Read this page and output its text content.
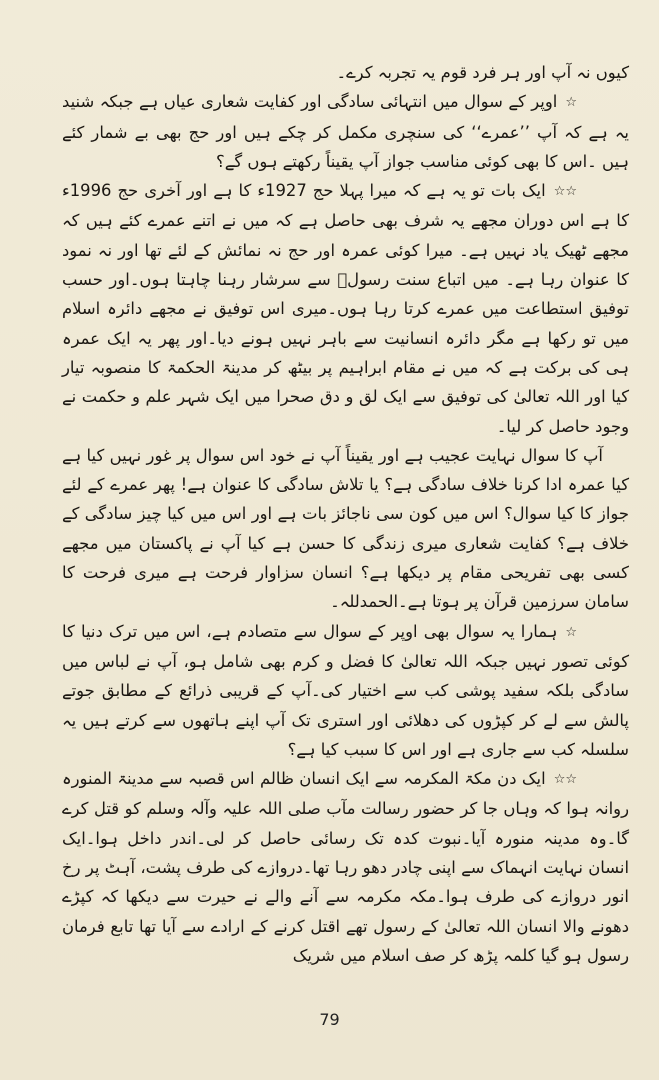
کیوں نہ آپ اور ہر فرد قوم یہ تجربہ کرے۔

☆اوپر کے سوال میں انتہائی سادگی اور کفایت شعاری عیاں ہے جبکہ شنید یہ ہے کہ آپ ’’عمرے‘‘ کی سنچری مکمل کر چکے ہیں اور حج بھی بے شمار کئے ہیں ۔اس کا بھی کوئی مناسب جواز آپ یقیناً رکھتے ہوں گے؟

☆☆ایک بات تو یہ ہے کہ میرا پہلا حج 1927ء کا ہے اور آخری حج 1996ء کا ہے اس دوران مجھے یہ شرف بھی حاصل ہے کہ میں نے اتنے عمرے کئے ہیں کہ مجھے ٹھیک یاد نہیں ہے۔ میرا کوئی عمرہ اور حج نہ نمائش کے لئے تھا اور نہ نمود کا عنوان رہا ہے۔ میں اتباع سنت رسولؐ سے سرشار رہنا چاہتا ہوں۔اور حسب توفیق استطاعت میں عمرے کرتا رہا ہوں۔میری اس توفیق نے مجھے دائرہ اسلام میں تو رکھا ہے مگر دائرہ انسانیت سے باہر نہیں ہونے دیا۔اور پھر یہ ایک عمرہ ہی کی برکت ہے کہ میں نے مقام ابراہیم پر بیٹھ کر مدینۃ الحکمۃ کا منصوبہ تیار کیا اور اللہ تعالیٰ کی توفیق سے ایک لق و دق صحرا میں ایک شہر علم و حکمت نے وجود حاصل کر لیا۔

آپ کا سوال نہایت عجیب ہے اور یقیناً آپ نے خود اس سوال پر غور نہیں کیا ہے کیا عمرہ ادا کرنا خلاف سادگی ہے؟ یا تلاش سادگی کا عنوان ہے! پھر عمرے کے لئے جواز کا کیا سوال؟ اس میں کون سی ناجائز بات ہے اور اس میں کیا چیز سادگی کے خلاف ہے؟ کفایت شعاری میری زندگی کا حسن ہے کیا آپ نے پاکستان میں مجھے کسی بھی تفریحی مقام پر دیکھا ہے؟ انسان سزاوار فرحت ہے میری فرحت کا سامان سرزمین قرآن پر ہوتا ہے۔الحمدللہ۔

☆ہمارا یہ سوال بھی اوپر کے سوال سے متصادم ہے، اس میں ترک دنیا کا کوئی تصور نہیں جبکہ اللہ تعالیٰ کا فضل و کرم بھی شامل ہو، آپ نے لباس میں سادگی بلکہ سفید پوشی کب سے اختیار کی۔آپ کے قریبی ذرائع کے مطابق جوتے پالش سے لے کر کپڑوں کی دھلائی اور استری تک آپ اپنے ہاتھوں سے کرتے ہیں یہ سلسلہ کب سے جاری ہے اور اس کا سبب کیا ہے؟

☆☆ایک دن مکۃ المکرمہ سے ایک انسان ظالم اس قصبہ سے مدینۃ المنورہ روانہ ہوا کہ وہاں جا کر حضور رسالت مآب صلی اللہ علیہ وآلہ وسلم کو قتل کرے گا۔وہ مدینہ منورہ آیا۔نبوت کدہ تک رسائی حاصل کر لی۔اندر داخل ہوا۔ایک انسان نہایت انہماک سے اپنی چادر دھو رہا تھا۔دروازے کی طرف پشت، آہٹ پر رخ انور دروازے کی طرف ہوا۔مکہ مکرمہ سے آنے والے نے حیرت سے دیکھا کہ کپڑے دھونے والا انسان اللہ تعالیٰ کے رسول تھے اقتل کرنے کے ارادے سے آیا تھا تابع فرمان رسول ہو گیا کلمہ پڑھ کر صف اسلام میں شریک

79
